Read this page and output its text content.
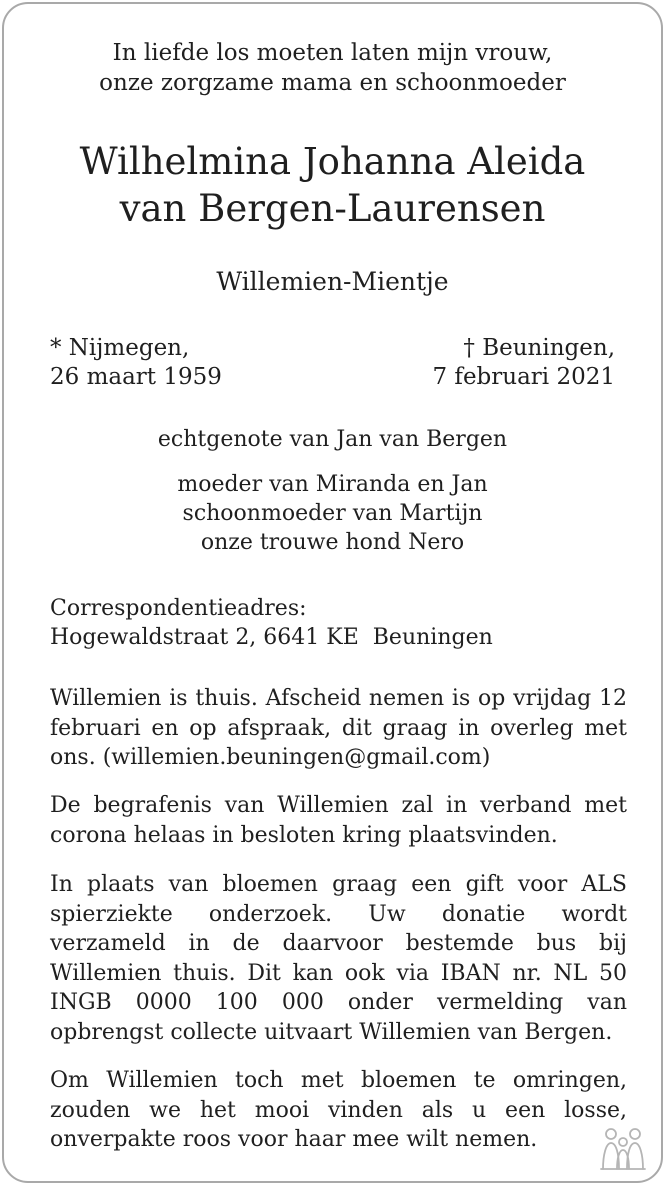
In liefde los moeten laten mijn vrouw,
onze zorgzame mama en schoonmoeder
Wilhelmina Johanna Aleida
van Bergen-Laurensen
Willemien-Mientje
* Nijmegen,
26 maart 1959
† Beuningen,
7 februari 2021
echtgenote van Jan van Bergen
moeder van Miranda en Jan
schoonmoeder van Martijn
onze trouwe hond Nero
Correspondentieadres:
Hogewaldstraat 2, 6641 KE  Beuningen
Willemien is thuis. Afscheid nemen is op vrijdag 12 februari en op afspraak, dit graag in overleg met ons. (willemien.beuningen@gmail.com)
De begrafenis van Willemien zal in verband met corona helaas in besloten kring plaatsvinden.
In plaats van bloemen graag een gift voor ALS spierziekte onderzoek. Uw donatie wordt verzameld in de daarvoor bestemde bus bij Willemien thuis. Dit kan ook via IBAN nr. NL 50 INGB 0000 100 000 onder vermelding van opbrengst collecte uitvaart Willemien van Bergen.
Om Willemien toch met bloemen te omringen, zouden we het mooi vinden als u een losse, onverpakte roos voor haar mee wilt nemen.
